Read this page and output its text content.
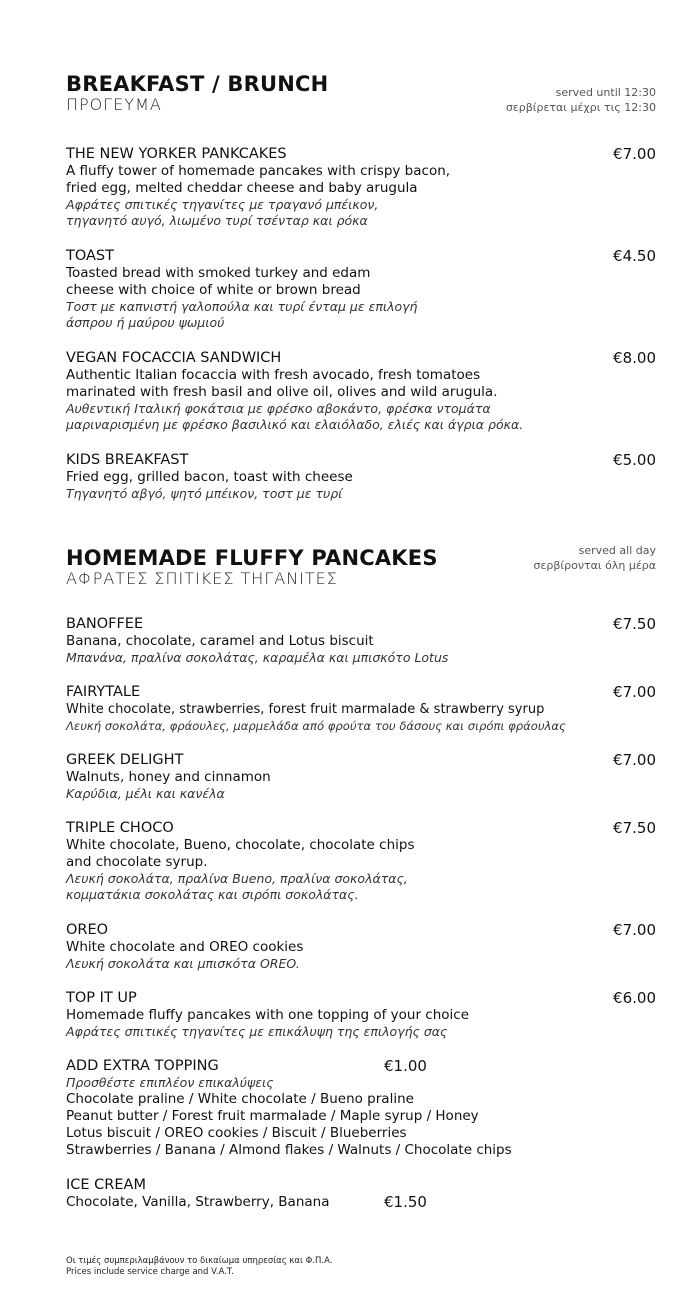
BREAKFAST / BRUNCH
ΠΡΟΓΕΥΜΑ
served until 12:30
σερβίρεται μέχρι τις 12:30
THE NEW YORKER PANKCAKES	€7.00
A fluffy tower of homemade pancakes with crispy bacon,
fried egg, melted cheddar cheese and baby arugula
Αφράτες σπιτικές τηγανίτες με τραγανό μπέικον,
τηγανητό αυγό, λιωμένο τυρί τσένταρ και ρόκα
TOAST	€4.50
Toasted bread with smoked turkey and edam
cheese with choice of white or brown bread
Τοστ με καπνιστή γαλοπούλα και τυρί ένταμ με επιλογή
άσπρου ή μαύρου ψωμιού
VEGAN FOCACCIA SANDWICH	€8.00
Authentic Italian focaccia with fresh avocado, fresh tomatoes
marinated with fresh basil and olive oil, olives and wild arugula.
Αυθεντική Ιταλική φοκάτσια με φρέσκο αβοκάντο, φρέσκα ντομάτα
μαριναρισμένη με φρέσκο βασιλικό και ελαιόλαδο, ελιές και άγρια ρόκα.
KIDS BREAKFAST	€5.00
Fried egg, grilled bacon, toast with cheese
Τηγανητό αβγό, ψητό μπέικον, τοστ με τυρί
HOMEMADE FLUFFY PANCAKES
ΑΦΡΑΤΕΣ ΣΠΙΤΙΚΕΣ ΤΗΓΑΝΙΤΕΣ
served all day
σερβίρονται όλη μέρα
BANOFFEE	€7.50
Banana, chocolate, caramel and Lotus biscuit
Μπανάνα, πραλίνα σοκολάτας, καραμέλα και μπισκότο Lotus
FAIRYTALE	€7.00
White chocolate, strawberries, forest fruit marmalade & strawberry syrup
Λευκή σοκολάτα, φράουλες, μαρμελάδα από φρούτα του δάσους και σιρόπι φράουλας
GREEK DELIGHT	€7.00
Walnuts, honey and cinnamon
Καρύδια, μέλι και κανέλα
TRIPLE CHOCO	€7.50
White chocolate, Bueno, chocolate, chocolate chips
and chocolate syrup.
Λευκή σοκολάτα, πραλίνα Bueno, πραλίνα σοκολάτας,
κομματάκια σοκολάτας και σιρόπι σοκολάτας.
OREO	€7.00
White chocolate and OREO cookies
Λευκή σοκολάτα και μπισκότα OREO.
TOP IT UP	€6.00
Homemade fluffy pancakes with one topping of your choice
Αφράτες σπιτικές τηγανίτες με επικάλυψη της επιλογής σας
ADD EXTRA TOPPING	€1.00
Προσθέστε επιπλέον επικαλύψεις
Chocolate praline / White chocolate / Bueno praline
Peanut butter / Forest fruit marmalade / Maple syrup / Honey
Lotus biscuit / OREO cookies / Biscuit / Blueberries
Strawberries / Banana / Almond flakes / Walnuts / Chocolate chips
ICE CREAM
Chocolate, Vanilla, Strawberry, Banana	€1.50
Οι τιμές συμπεριλαμβάνουν το δικαίωμα υπηρεσίας και Φ.Π.Α.
Prices include service charge and V.A.T.
